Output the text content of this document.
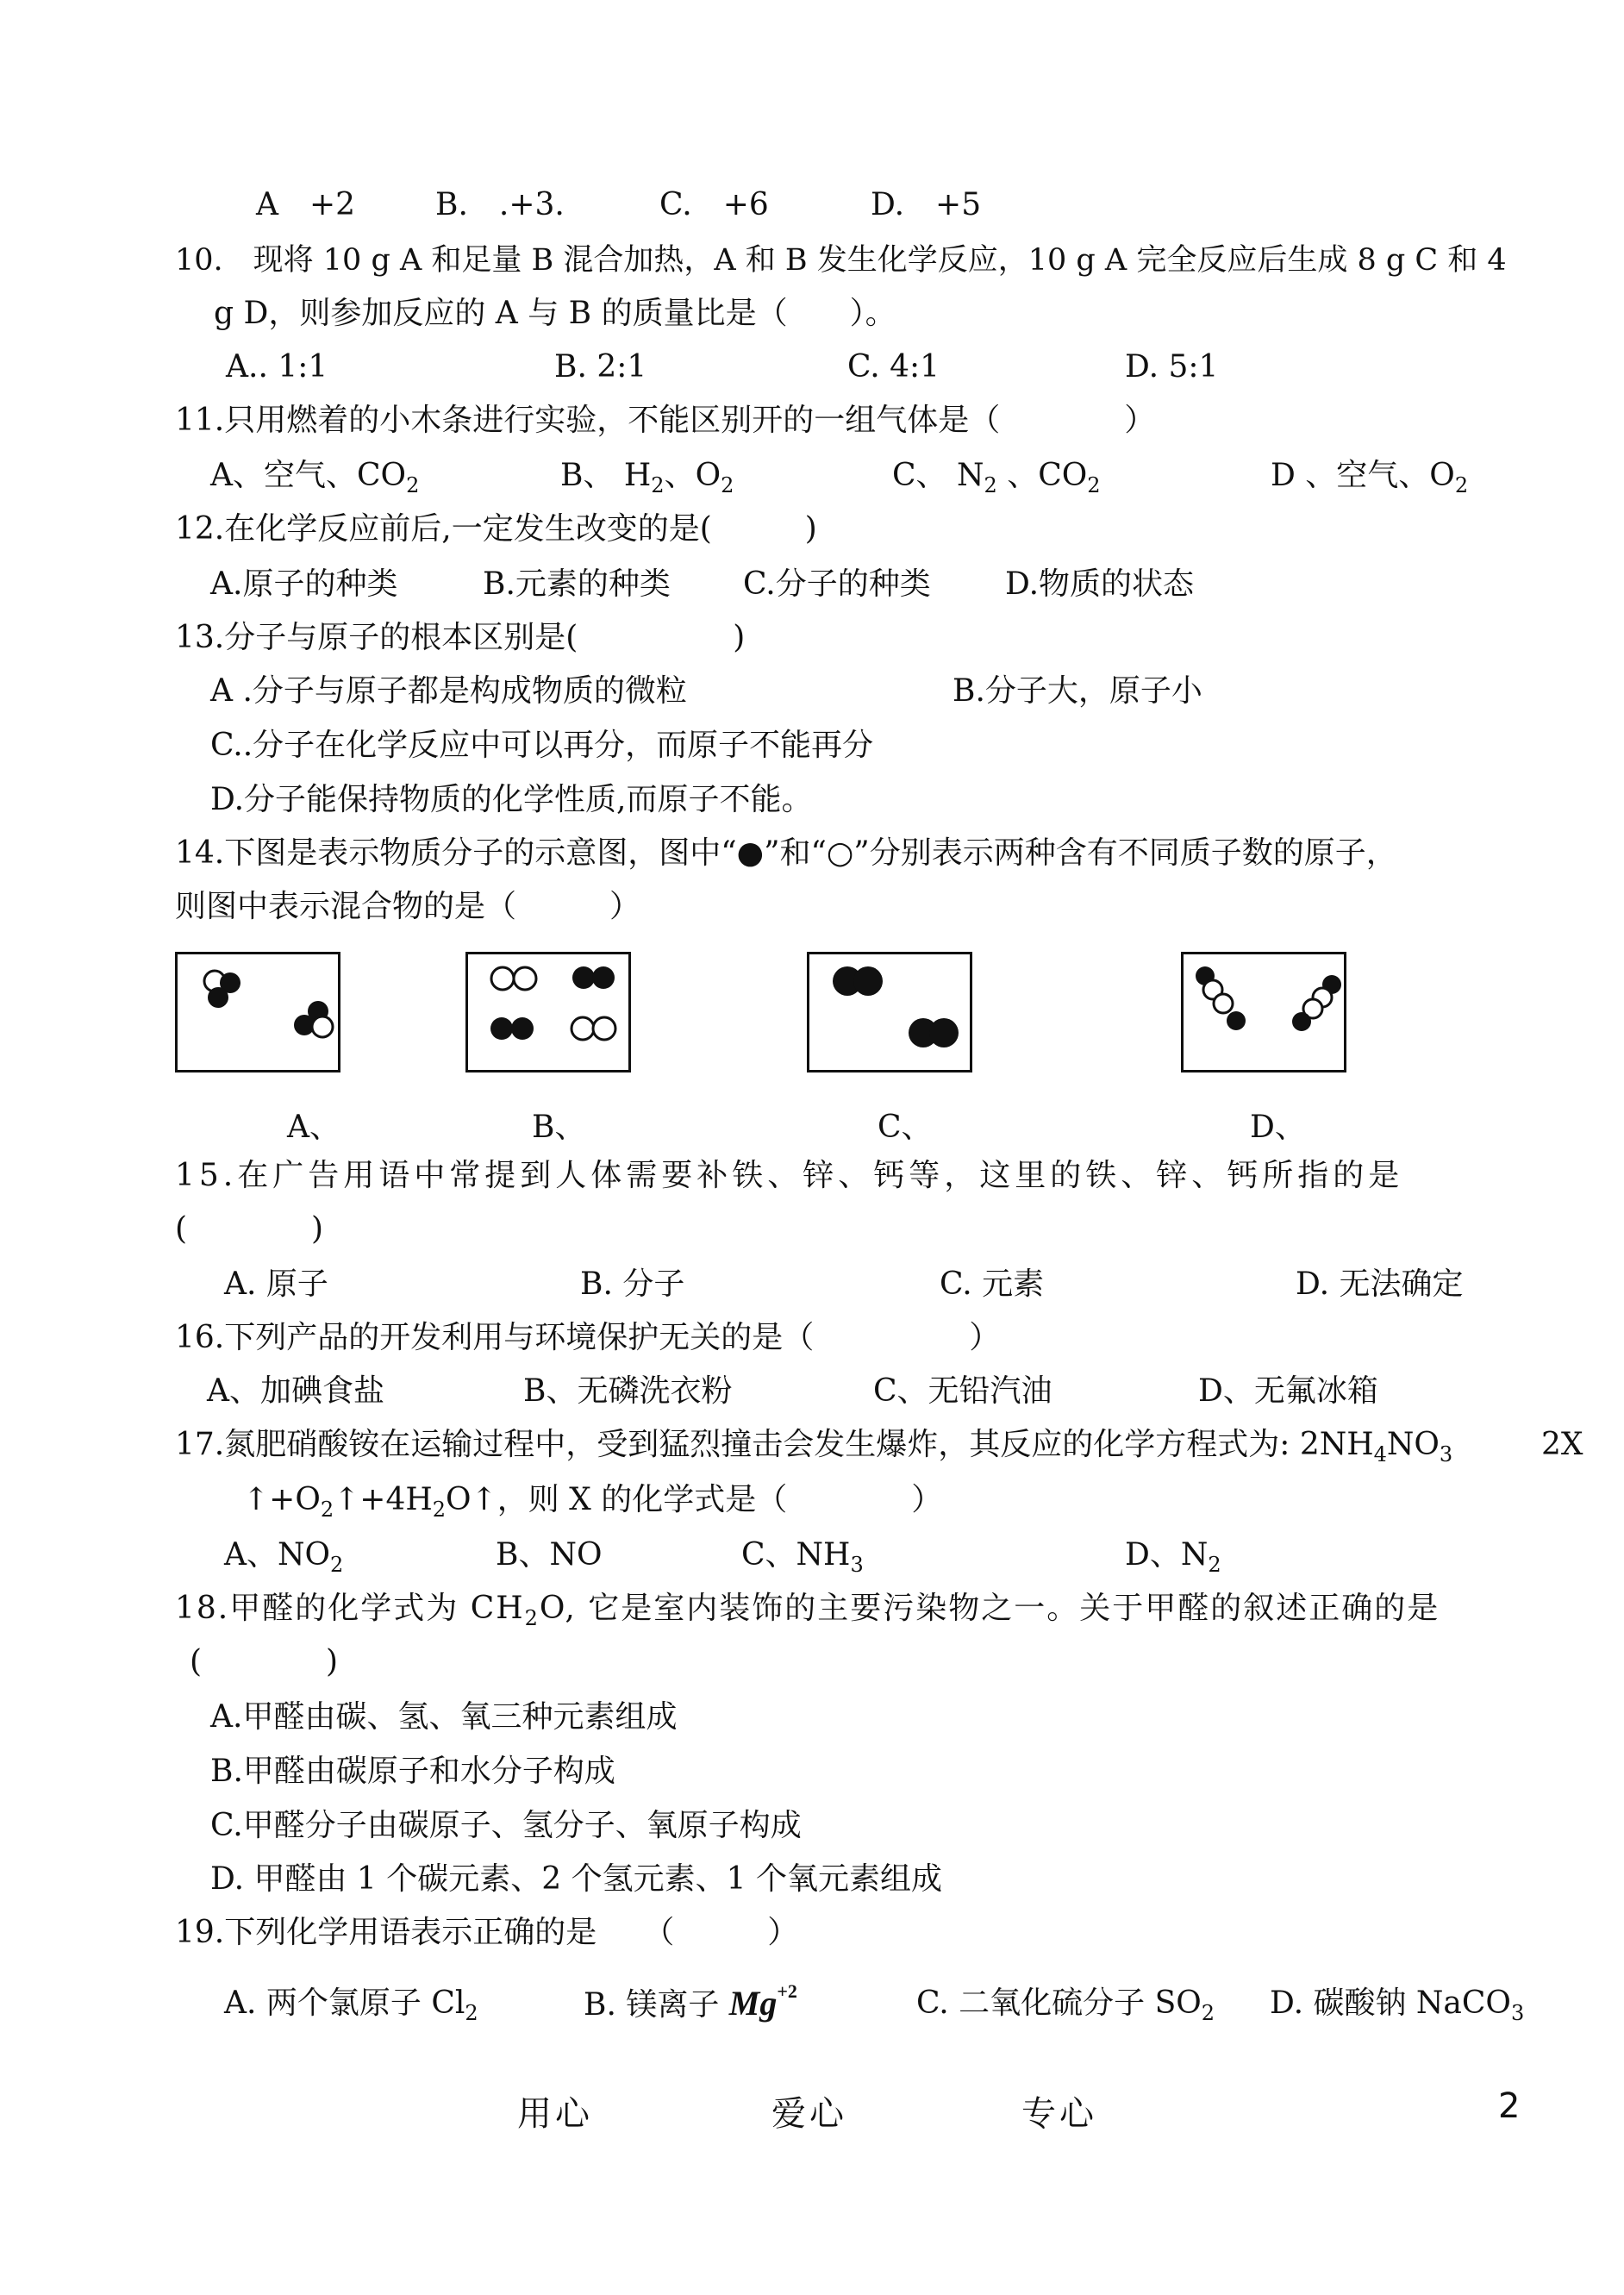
A　+2	B.　.+3.	C.　+6	D.　+5
10.　现将 10 g A 和足量 B 混合加热，A 和 B 发生化学反应，10 g A 完全反应后生成 8 g C 和 4
g D，则参加反应的 A 与 B 的质量比是（　　）。
A.. 1:1	B. 2:1	C. 4:1	D. 5:1
11.只用燃着的小木条进行实验，不能区别开的一组气体是（　　　　）
A、空气、$CO_2$	B、 $H_2$、$O_2$	C、 $N_2$ 、$CO_2$	D 、空气、$O_2$
12.在化学反应前后,一定发生改变的是(　　　)
A.原子的种类	B.元素的种类 C.分子的种类 D.物质的状态
13.分子与原子的根本区别是(　　　　　)
A .分子与原子都是构成物质的微粒	B.分子大，原子小
C..分子在化学反应中可以再分，而原子不能再分
D.分子能保持物质的化学性质,而原子不能。
14.下图是表示物质分子的示意图，图中“●”和“○”分别表示两种含有不同质子数的原子，
则图中表示混合物的是（　　　）
A、	B、	C、	D、
15.在广告用语中常提到人体需要补铁、锌、钙等，这里的铁、锌、钙所指的是
(　　　　)
A. 原子	B. 分子	C. 元素	D. 无法确定
16.下列产品的开发利用与环境保护无关的是（　　　　　）
A、加碘食盐	B、无磷洗衣粉	C、无铅汽油	D、无氟冰箱
17.氮肥硝酸铵在运输过程中，受到猛烈撞击会发生爆炸，其反应的化学方程式为: $2NH_4NO_3$	2X
$↑+O_2↑+4H_2O↑$，则 X 的化学式是（　　　　）
A、$NO_2$	B、NO	C、$NH_3$	D、$N_2$
18.甲醛的化学式为 $CH_2O$, 它是室内装饰的主要污染物之一。关于甲醛的叙述正确的是
(　　　　)
A.甲醛由碳、氢、氧三种元素组成
B.甲醛由碳原子和水分子构成
C.甲醛分子由碳原子、氢分子、氧原子构成
D. 甲醛由 1 个碳元素、2 个氢元素、1 个氧元素组成
19.下列化学用语表示正确的是　　（　　　）
A. 两个氯原子 $Cl_2$	B. 镁离子 $Mg^{+2}$	C. 二氧化硫分子 $SO_2$ D. 碳酸钠 NaCO$_3$
用心	爱心	专心	2
